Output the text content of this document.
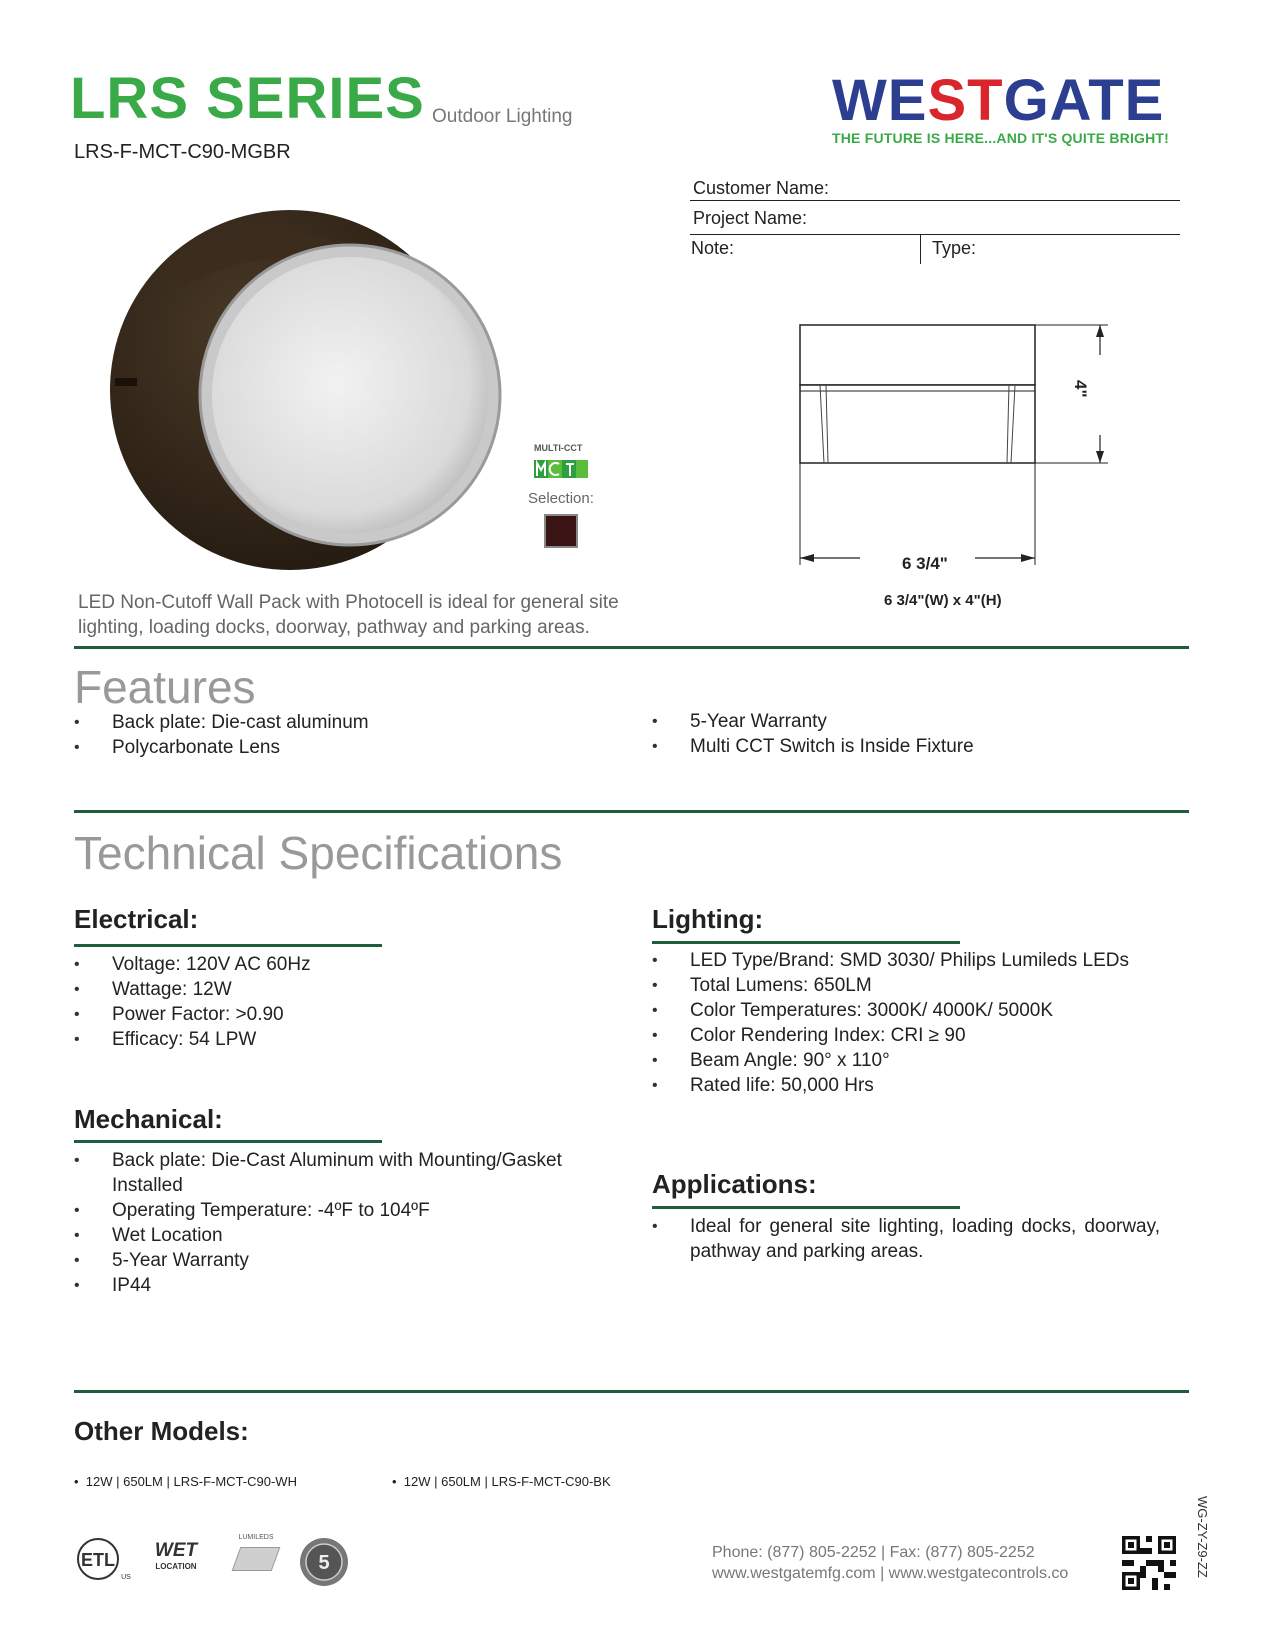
LRS SERIES Outdoor Lighting
LRS-F-MCT-C90-MGBR
WESTGATE
THE FUTURE IS HERE...AND IT'S QUITE BRIGHT!
Customer Name:
Project Name:
Note:	Type:
MULTI-CCT
Selection:
4"
6 3/4"
6 3/4"(W) x 4"(H)
LED Non-Cutoff Wall Pack with Photocell is ideal for general site lighting, loading docks, doorway, pathway and parking areas.
Features
• Back plate: Die-cast aluminum
• Polycarbonate Lens
• 5-Year Warranty
• Multi CCT Switch is Inside Fixture
Technical Specifications
Electrical:
• Voltage: 120V AC 60Hz
• Wattage: 12W
• Power Factor: >0.90
• Efficacy: 54 LPW
Mechanical:
• Back plate: Die-Cast Aluminum with Mounting/Gasket Installed
• Operating Temperature: -4ºF to 104ºF
• Wet Location
• 5-Year Warranty
• IP44
Lighting:
• LED Type/Brand: SMD 3030/ Philips Lumileds LEDs
• Total Lumens: 650LM
• Color Temperatures: 3000K/ 4000K/ 5000K
• Color Rendering Index: CRI ≥ 90
• Beam Angle: 90° x 110°
• Rated life: 50,000 Hrs
Applications:
• Ideal for general site lighting, loading docks, doorway, pathway and parking areas.
Other Models:
•  12W | 650LM | LRS-F-MCT-C90-WH	•  12W | 650LM | LRS-F-MCT-C90-BK
ETL
US
WET
LOCATION
LUMILEDS
5	Phone: (877) 805-2252 | Fax: (877) 805-2252
www.westgatemfg.com | www.westgatecontrols.co	WG-ZY-Z9-ZZ
